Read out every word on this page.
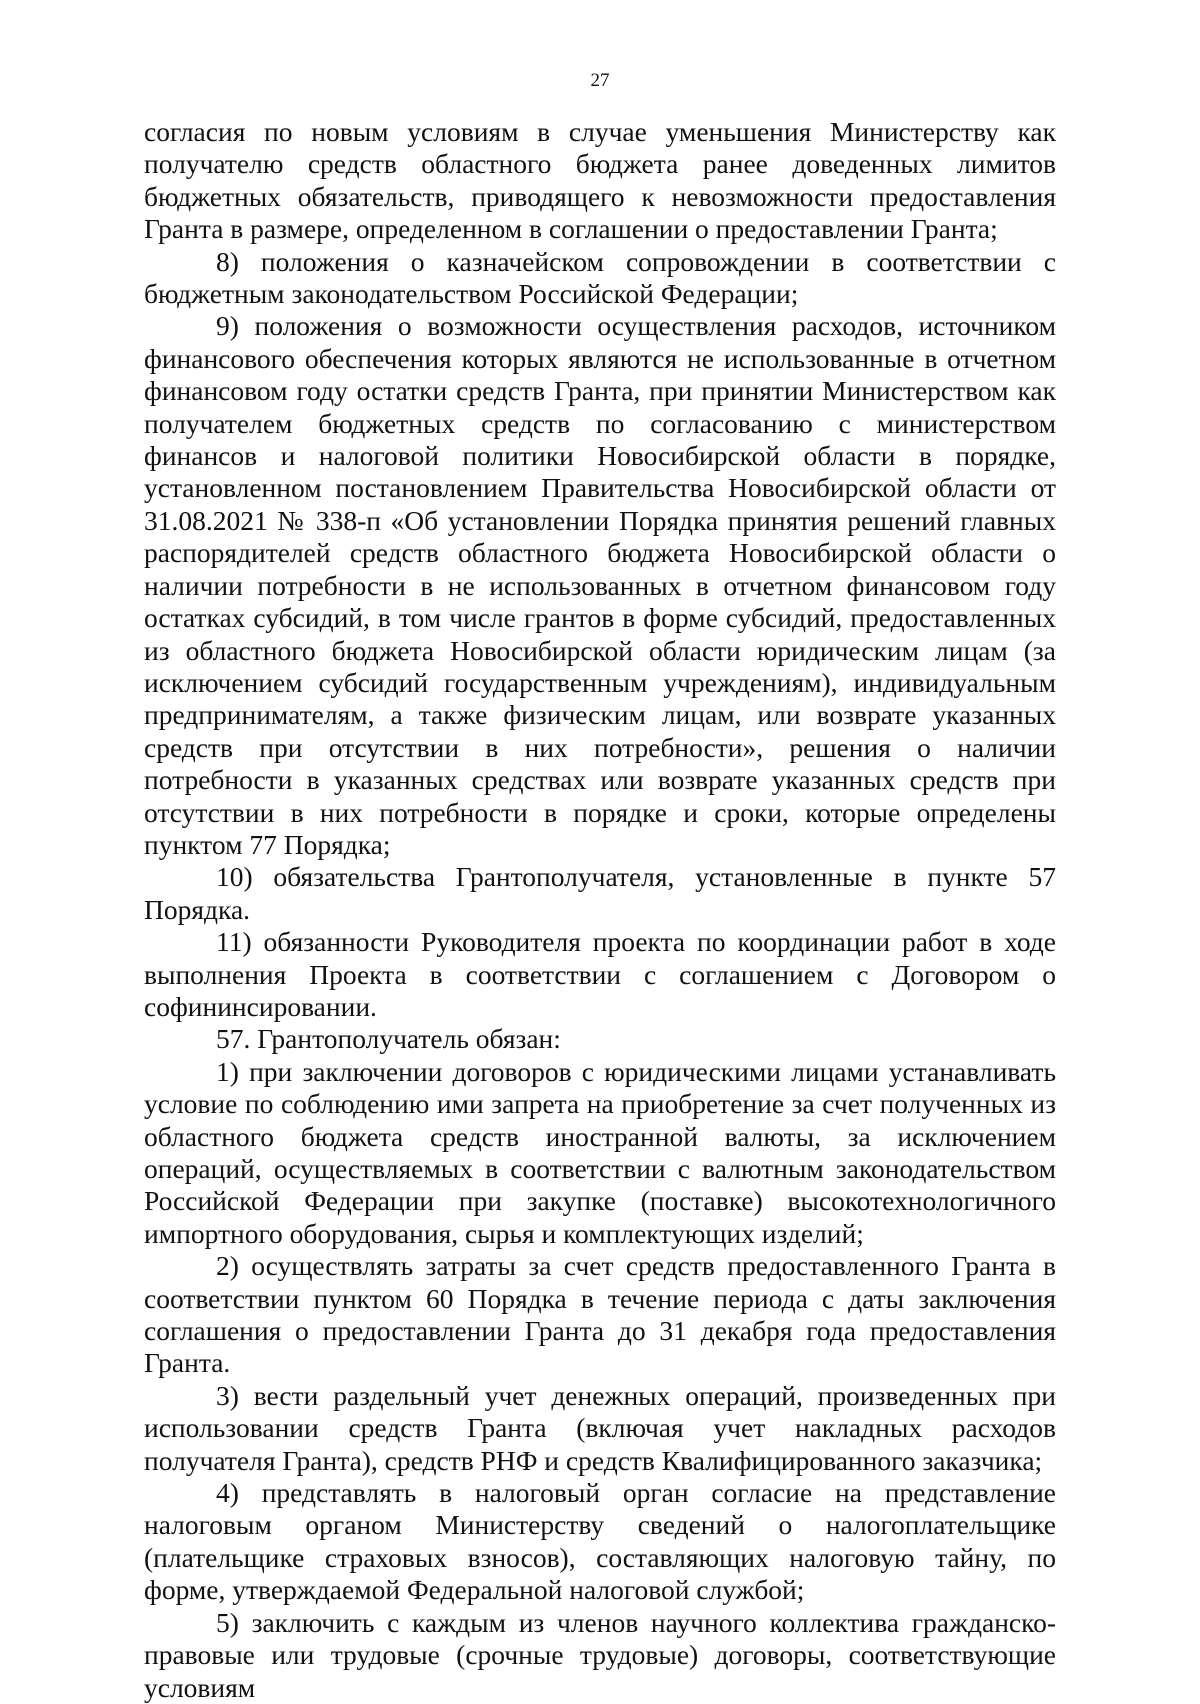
27

согласия по новым условиям в случае уменьшения Министерству как получателю средств областного бюджета ранее доведенных лимитов бюджетных обязательств, приводящего к невозможности предоставления Гранта в размере, определенном в соглашении о предоставлении Гранта;

8) положения о казначейском сопровождении в соответствии с бюджетным законодательством Российской Федерации;

9) положения о возможности осуществления расходов, источником финансового обеспечения которых являются не использованные в отчетном финансовом году остатки средств Гранта, при принятии Министерством как получателем бюджетных средств по согласованию с министерством финансов и налоговой политики Новосибирской области в порядке, установленном постановлением Правительства Новосибирской области от 31.08.2021 № 338-п «Об установлении Порядка принятия решений главных распорядителей средств областного бюджета Новосибирской области о наличии потребности в не использованных в отчетном финансовом году остатках субсидий, в том числе грантов в форме субсидий, предоставленных из областного бюджета Новосибирской области юридическим лицам (за исключением субсидий государственным учреждениям), индивидуальным предпринимателям, а также физическим лицам, или возврате указанных средств при отсутствии в них потребности», решения о наличии потребности в указанных средствах или возврате указанных средств при отсутствии в них потребности в порядке и сроки, которые определены пунктом 77 Порядка;

10) обязательства Грантополучателя, установленные в пункте 57 Порядка.

11) обязанности Руководителя проекта по координации работ в ходе выполнения Проекта в соответствии с соглашением с Договором о софининсировании.

57. Грантополучатель обязан:

1) при заключении договоров с юридическими лицами устанавливать условие по соблюдению ими запрета на приобретение за счет полученных из областного бюджета средств иностранной валюты, за исключением операций, осуществляемых в соответствии с валютным законодательством Российской Федерации при закупке (поставке) высокотехнологичного импортного оборудования, сырья и комплектующих изделий;

2) осуществлять затраты за счет средств предоставленного Гранта в соответствии пунктом 60 Порядка в течение периода с даты заключения соглашения о предоставлении Гранта до 31 декабря года предоставления Гранта.

3) вести раздельный учет денежных операций, произведенных при использовании средств Гранта (включая учет накладных расходов получателя Гранта), средств РНФ и средств Квалифицированного заказчика;

4) представлять в налоговый орган согласие на представление налоговым органом Министерству сведений о налогоплательщике (плательщике страховых взносов), составляющих налоговую тайну, по форме, утверждаемой Федеральной налоговой службой;

5) заключить с каждым из членов научного коллектива гражданско-правовые или трудовые (срочные трудовые) договоры, соответствующие условиям
